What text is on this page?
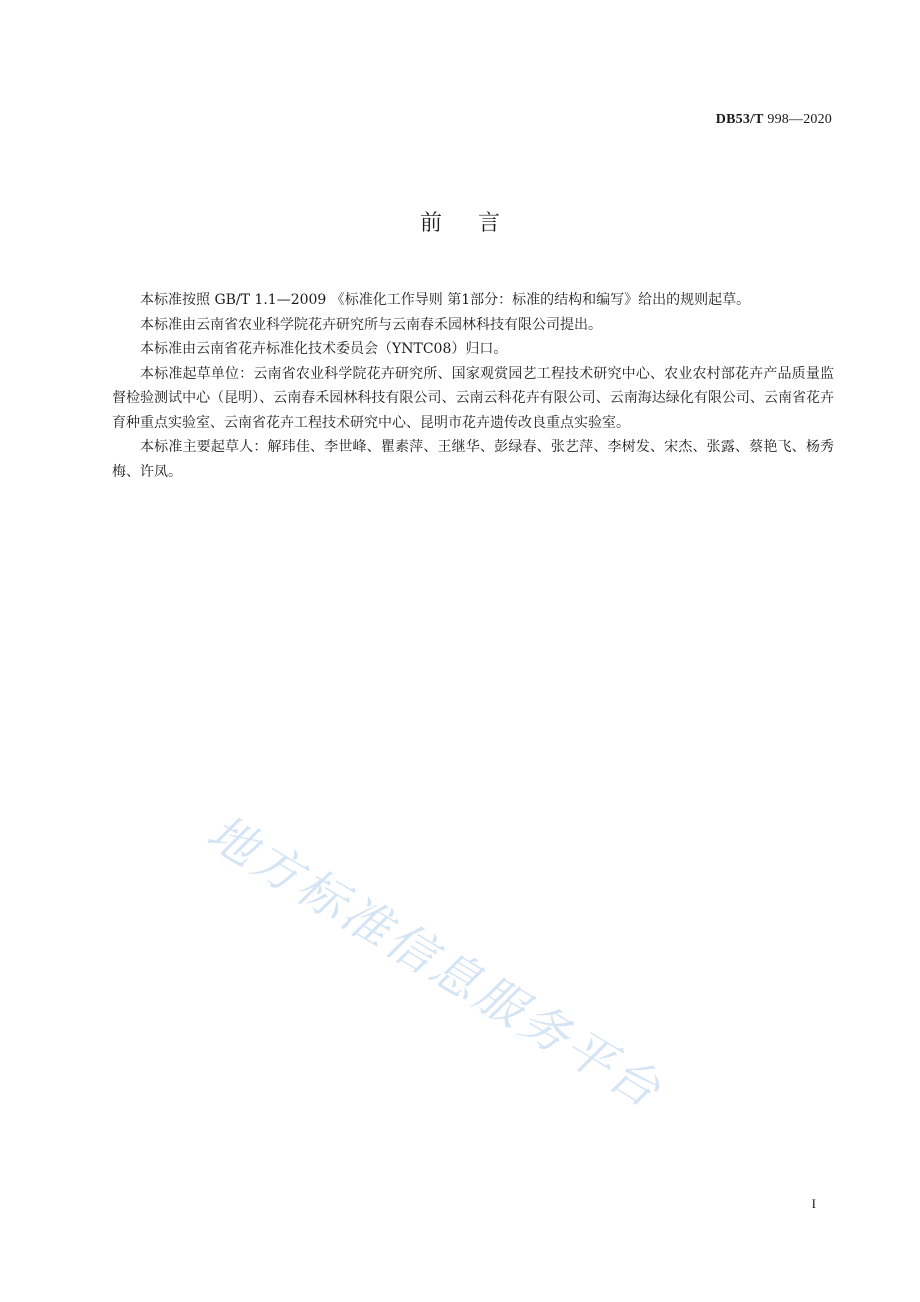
DB53/T 998—2020
前言

本标准按照 GB/T 1.1—2009 《标准化工作导则 第1部分：标准的结构和编写》给出的规则起草。

本标准由云南省农业科学院花卉研究所与云南春禾园林科技有限公司提出。

本标准由云南省花卉标准化技术委员会（YNTC08）归口。

本标准起草单位：云南省农业科学院花卉研究所、国家观赏园艺工程技术研究中心、农业农村部花卉产品质量监督检验测试中心（昆明）、云南春禾园林科技有限公司、云南云科花卉有限公司、云南海达绿化有限公司、云南省花卉育种重点实验室、云南省花卉工程技术研究中心、昆明市花卉遗传改良重点实验室。

本标准主要起草人：解玮佳、李世峰、瞿素萍、王继华、彭绿春、张艺萍、李树发、宋杰、张露、蔡艳飞、杨秀梅、许凤。

地方标准信息服务平台
I
